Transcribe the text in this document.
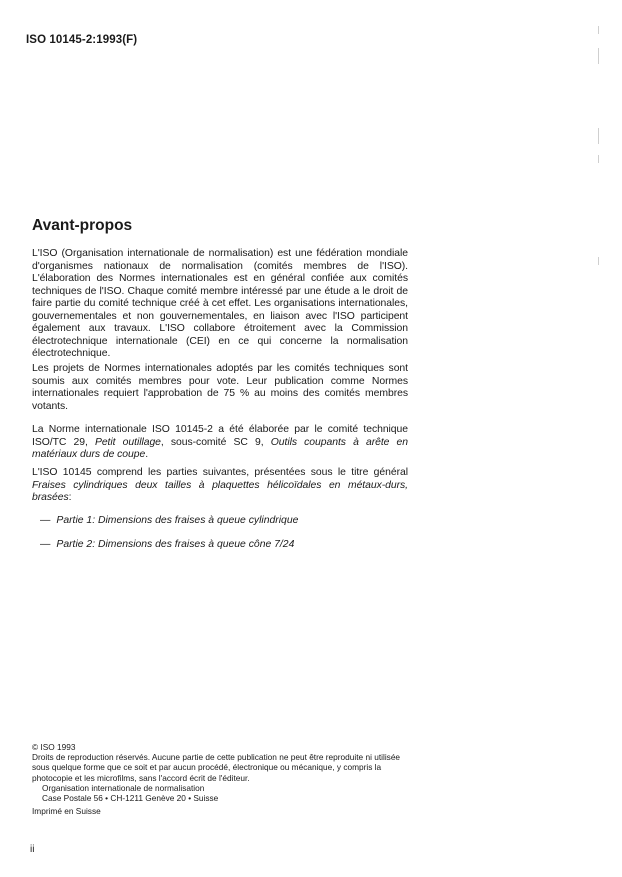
ISO 10145-2:1993(F)
Avant-propos

L'ISO (Organisation internationale de normalisation) est une fédération mondiale d'organismes nationaux de normalisation (comités membres de l'ISO). L'élaboration des Normes internationales est en général confiée aux comités techniques de l'ISO. Chaque comité membre intéressé par une étude a le droit de faire partie du comité technique créé à cet effet. Les organisations internationales, gouvernementales et non gouvernementales, en liaison avec l'ISO participent également aux travaux. L'ISO collabore étroitement avec la Commission électrotechnique internationale (CEI) en ce qui concerne la normalisation électrotechnique.

Les projets de Normes internationales adoptés par les comités techniques sont soumis aux comités membres pour vote. Leur publication comme Normes internationales requiert l'approbation de 75 % au moins des comités membres votants.

La Norme internationale ISO 10145-2 a été élaborée par le comité technique ISO/TC 29, Petit outillage, sous-comité SC 9, Outils coupants à arête en matériaux durs de coupe.

L'ISO 10145 comprend les parties suivantes, présentées sous le titre général Fraises cylindriques deux tailles à plaquettes hélicoïdales en métaux-durs, brasées:

— Partie 1: Dimensions des fraises à queue cylindrique
— Partie 2: Dimensions des fraises à queue cône 7/24

© ISO 1993

Droits de reproduction réservés. Aucune partie de cette publication ne peut être reproduite ni utilisée sous quelque forme que ce soit et par aucun procédé, électronique ou mécanique, y compris la photocopie et les microfilms, sans l'accord écrit de l'éditeur.

Organisation internationale de normalisation

Case Postale 56 • CH-1211 Genève 20 • Suisse

Imprimé en Suisse

ii
